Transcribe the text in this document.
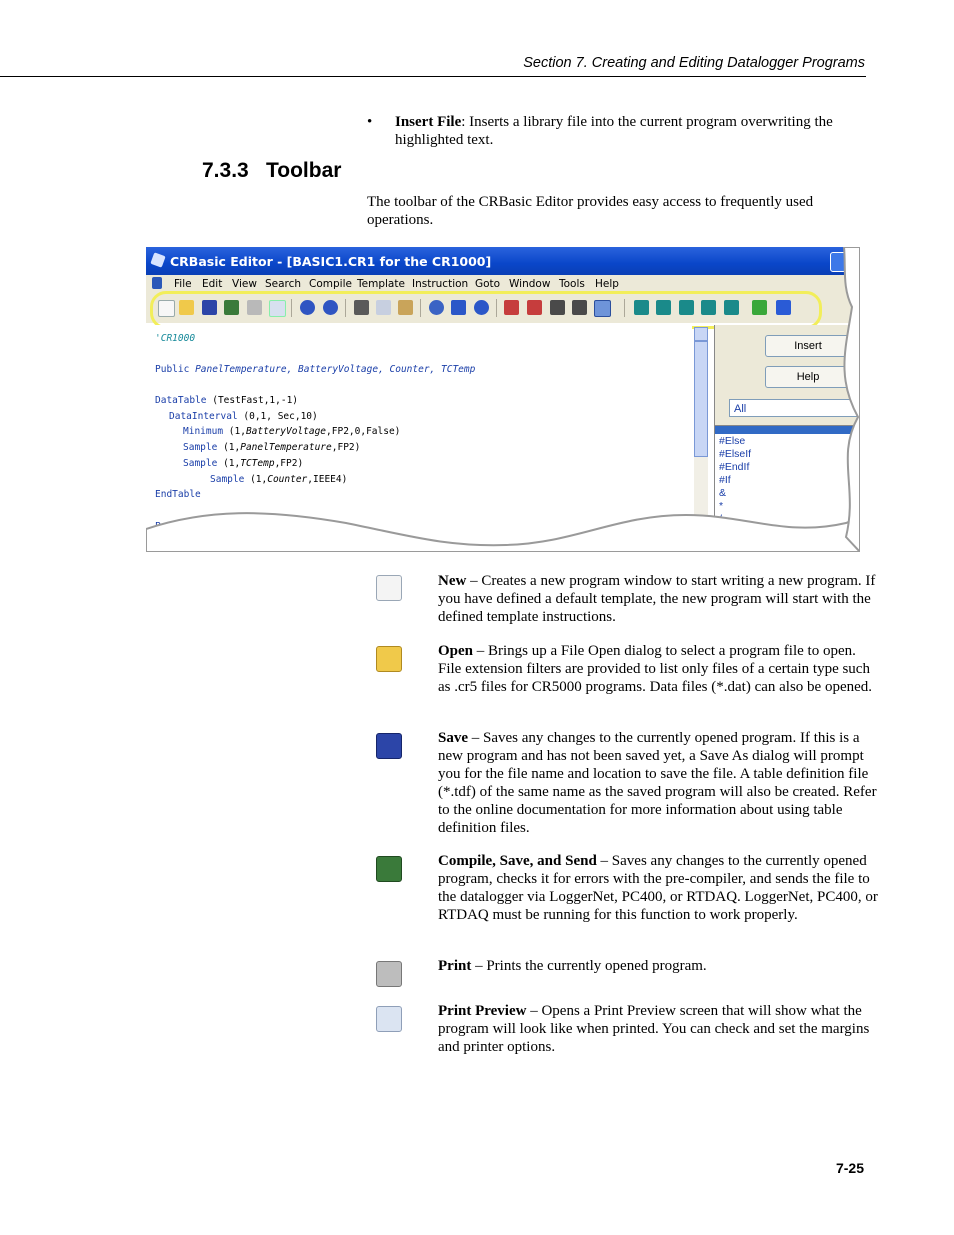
Section 7. Creating and Editing Datalogger Programs
• Insert File: Inserts a library file into the current program overwriting the highlighted text.
7.3.3 Toolbar
The toolbar of the CRBasic Editor provides easy access to frequently used operations.
CRBasic Editor - [BASIC1.CR1 for the CR1000]
File Edit View Search Compile Template Instruction Goto Window Tools Help
'CR1000
Public PanelTemperature, BatteryVoltage, Counter, TCTemp
DataTable (TestFast,1,-1)
DataInterval (0,1, Sec,10)
Minimum (1,BatteryVoltage,FP2,0,False)
Sample (1,PanelTemperature,FP2)
Sample (1,TCTemp,FP2)
Sample (1,Counter,IEEE4)
EndTable
Insert
Help
All
#Else
#ElseIf
#EndIf
#If
&
*
New – Creates a new program window to start writing a new program. If you have defined a default template, the new program will start with the defined template instructions.
Open – Brings up a File Open dialog to select a program file to open. File extension filters are provided to list only files of a certain type such as .cr5 files for CR5000 programs. Data files (*.dat) can also be opened.
Save – Saves any changes to the currently opened program. If this is a new program and has not been saved yet, a Save As dialog will prompt you for the file name and location to save the file. A table definition file (*.tdf) of the same name as the saved program will also be created. Refer to the online documentation for more information about using table definition files.
Compile, Save, and Send – Saves any changes to the currently opened program, checks it for errors with the pre-compiler, and sends the file to the datalogger via LoggerNet, PC400, or RTDAQ. LoggerNet, PC400, or RTDAQ must be running for this function to work properly.
Print – Prints the currently opened program.
Print Preview – Opens a Print Preview screen that will show what the program will look like when printed. You can check and set the margins and printer options.
7-25
